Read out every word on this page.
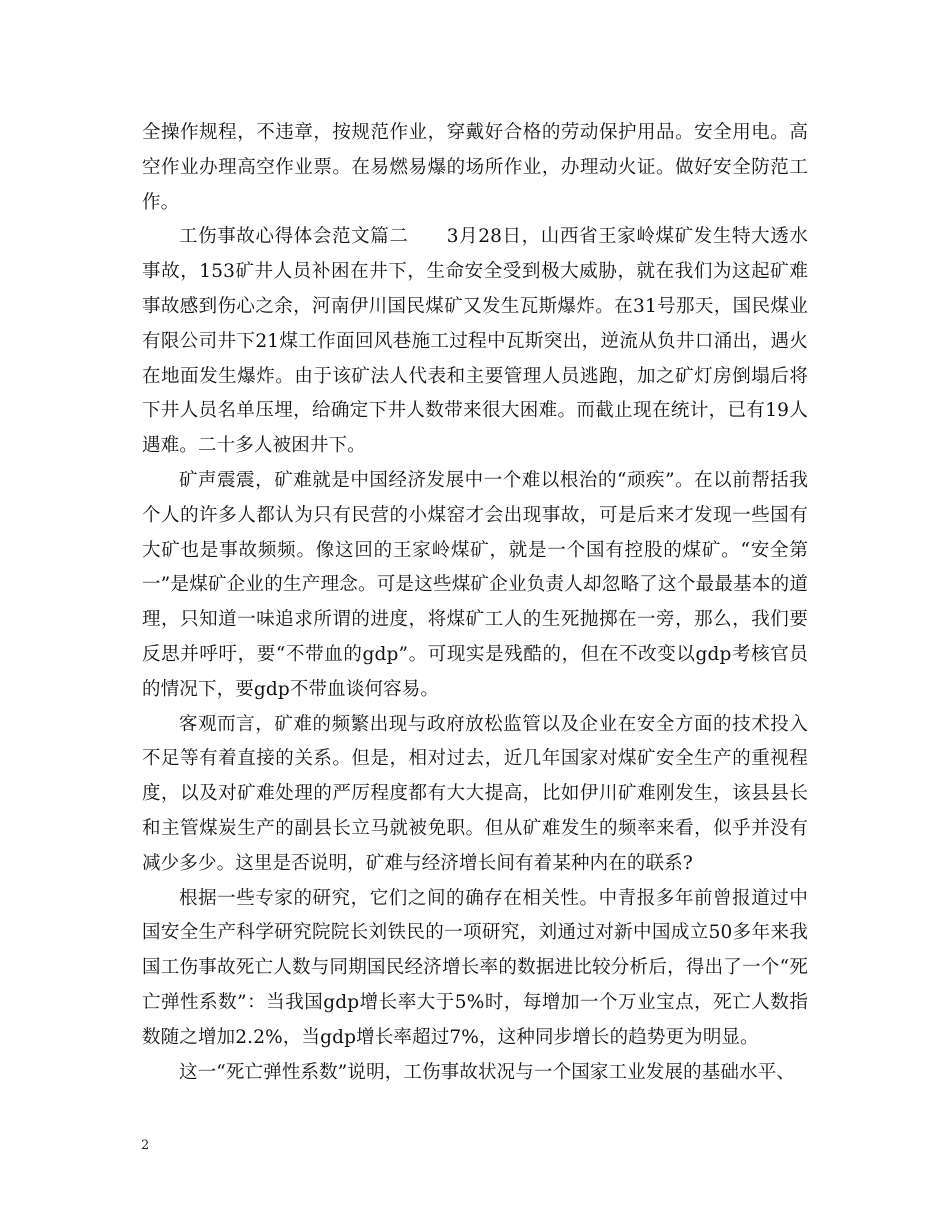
全操作规程，不违章，按规范作业，穿戴好合格的劳动保护用品。安全用电。高空作业办理高空作业票。在易燃易爆的场所作业，办理动火证。做好安全防范工作。

工伤事故心得体会范文篇二　　3月28日，山西省王家岭煤矿发生特大透水事故，153矿井人员补困在井下，生命安全受到极大威胁，就在我们为这起矿难事故感到伤心之余，河南伊川国民煤矿又发生瓦斯爆炸。在31号那天，国民煤业有限公司井下21煤工作面回风巷施工过程中瓦斯突出，逆流从负井口涌出，遇火在地面发生爆炸。由于该矿法人代表和主要管理人员逃跑，加之矿灯房倒塌后将下井人员名单压埋，给确定下井人数带来很大困难。而截止现在统计，已有19人遇难。二十多人被困井下。

矿声震震，矿难就是中国经济发展中一个难以根治的“顽疾”。在以前帮括我个人的许多人都认为只有民营的小煤窑才会出现事故，可是后来才发现一些国有大矿也是事故频频。像这回的王家岭煤矿，就是一个国有控股的煤矿。“安全第一”是煤矿企业的生产理念。可是这些煤矿企业负责人却忽略了这个最最基本的道理，只知道一味追求所谓的进度，将煤矿工人的生死抛掷在一旁，那么，我们要反思并呼吁，要“不带血的gdp”。可现实是残酷的，但在不改变以gdp考核官员的情况下，要gdp不带血谈何容易。

客观而言，矿难的频繁出现与政府放松监管以及企业在安全方面的技术投入不足等有着直接的关系。但是，相对过去，近几年国家对煤矿安全生产的重视程度，以及对矿难处理的严厉程度都有大大提高，比如伊川矿难刚发生，该县县长和主管煤炭生产的副县长立马就被免职。但从矿难发生的频率来看，似乎并没有减少多少。这里是否说明，矿难与经济增长间有着某种内在的联系?

根据一些专家的研究，它们之间的确存在相关性。中青报多年前曾报道过中国安全生产科学研究院院长刘铁民的一项研究，刘通过对新中国成立50多年来我国工伤事故死亡人数与同期国民经济增长率的数据进比较分析后，得出了一个“死亡弹性系数”：当我国gdp增长率大于5%时，每增加一个万业宝点，死亡人数指数随之增加2.2%，当gdp增长率超过7%，这种同步增长的趋势更为明显。

这一“死亡弹性系数”说明，工伤事故状况与一个国家工业发展的基础水平、

2
